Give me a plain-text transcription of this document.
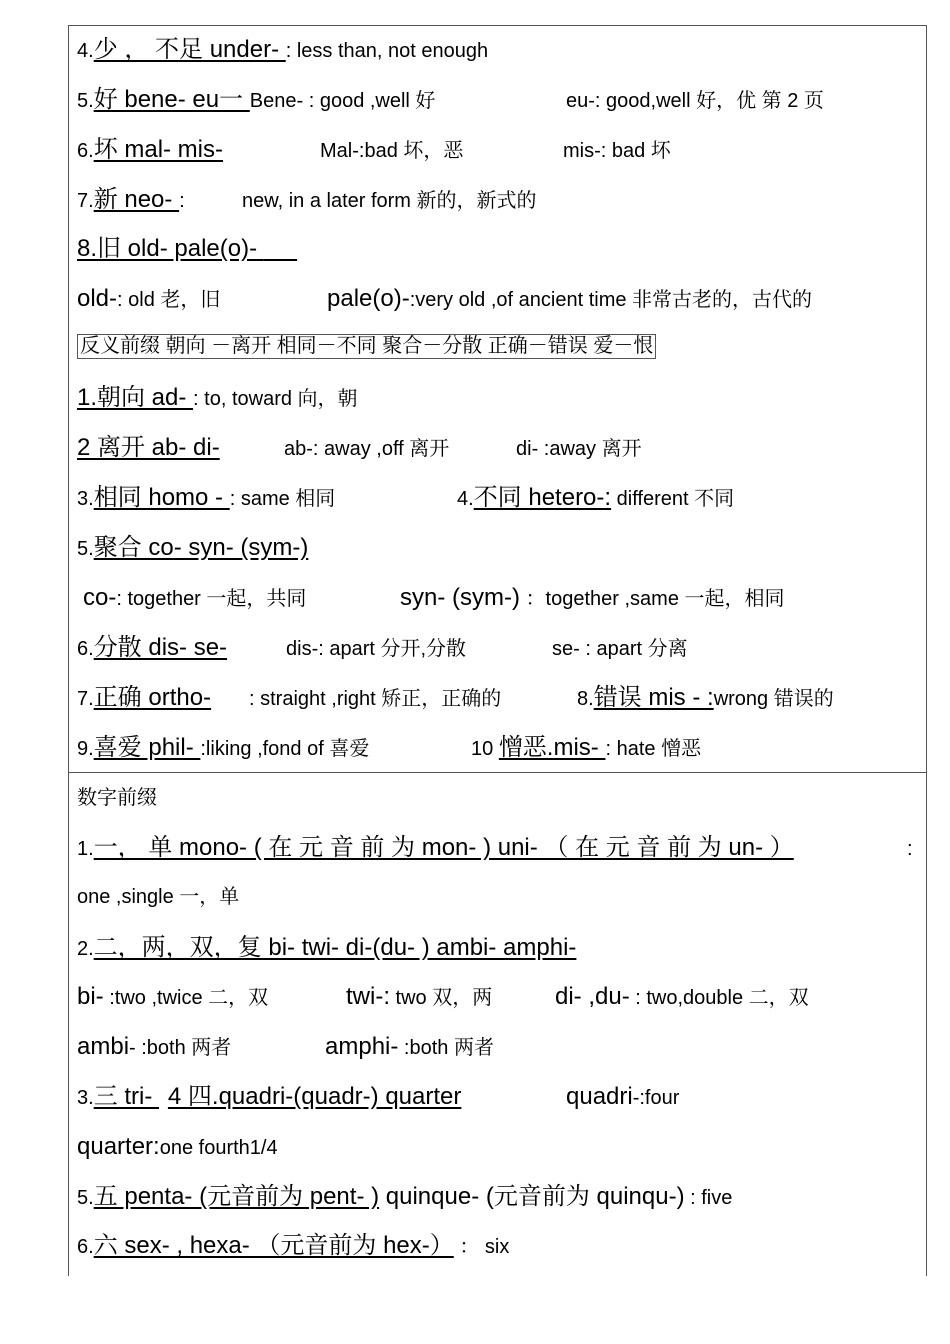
4.少 ， 不足 under- : less than, not enough
5.好 bene- eu一 Bene- : good ,well 好	eu-: good,well 好，优 第 2 页
6.坏 mal- mis-	Mal-:bad 坏，恶	mis-: bad 坏
7.新 neo- :	new, in a later form 新的，新式的
8.旧 old- pale(o)-
old-: old 老，旧	pale(o)-:very old ,of ancient time 非常古老的，古代的
反义前缀 朝向 －离开 相同－不同 聚合－分散 正确－错误 爱－恨
1.朝向 ad- : to, toward 向，朝
2 离开 ab- di-	ab-: away ,off 离开	di- :away 离开
3.相同 homo - : same 相同	4.不同 hetero-: different 不同
5.聚合 co- syn- (sym-)
co-: together 一起，共同	syn- (sym-) ：together ,same 一起，相同
6.分散 dis- se-	dis-: apart 分开,分散	se- : apart 分离
7.正确 ortho- : straight ,right 矫正，正确的	8.错误 mis - :wrong 错误的
9.喜爱 phil- :liking ,fond of 喜爱	10 憎恶.mis- : hate 憎恶
数字前缀
1.一， 单 mono- ( 在 元 音 前 为 mon- ) uni- （ 在 元 音 前 为 un- ）	:
one ,single 一，单
2.二，两，双，复 bi- twi- di-(du- ) ambi- amphi-
bi- :two ,twice 二，双	twi-: two 双，两	di- ,du- : two,double 二，双
ambi- :both 两者	amphi- :both 两者
3.三 tri-   4 四.quadri-(quadr-) quarter	quadri-:four
quarter:one fourth1/4
5.五 penta- (元音前为 pent- ) quinque- (元音前为 quinqu-) : five
6.六 sex- , hexa- （元音前为 hex-） ： six
